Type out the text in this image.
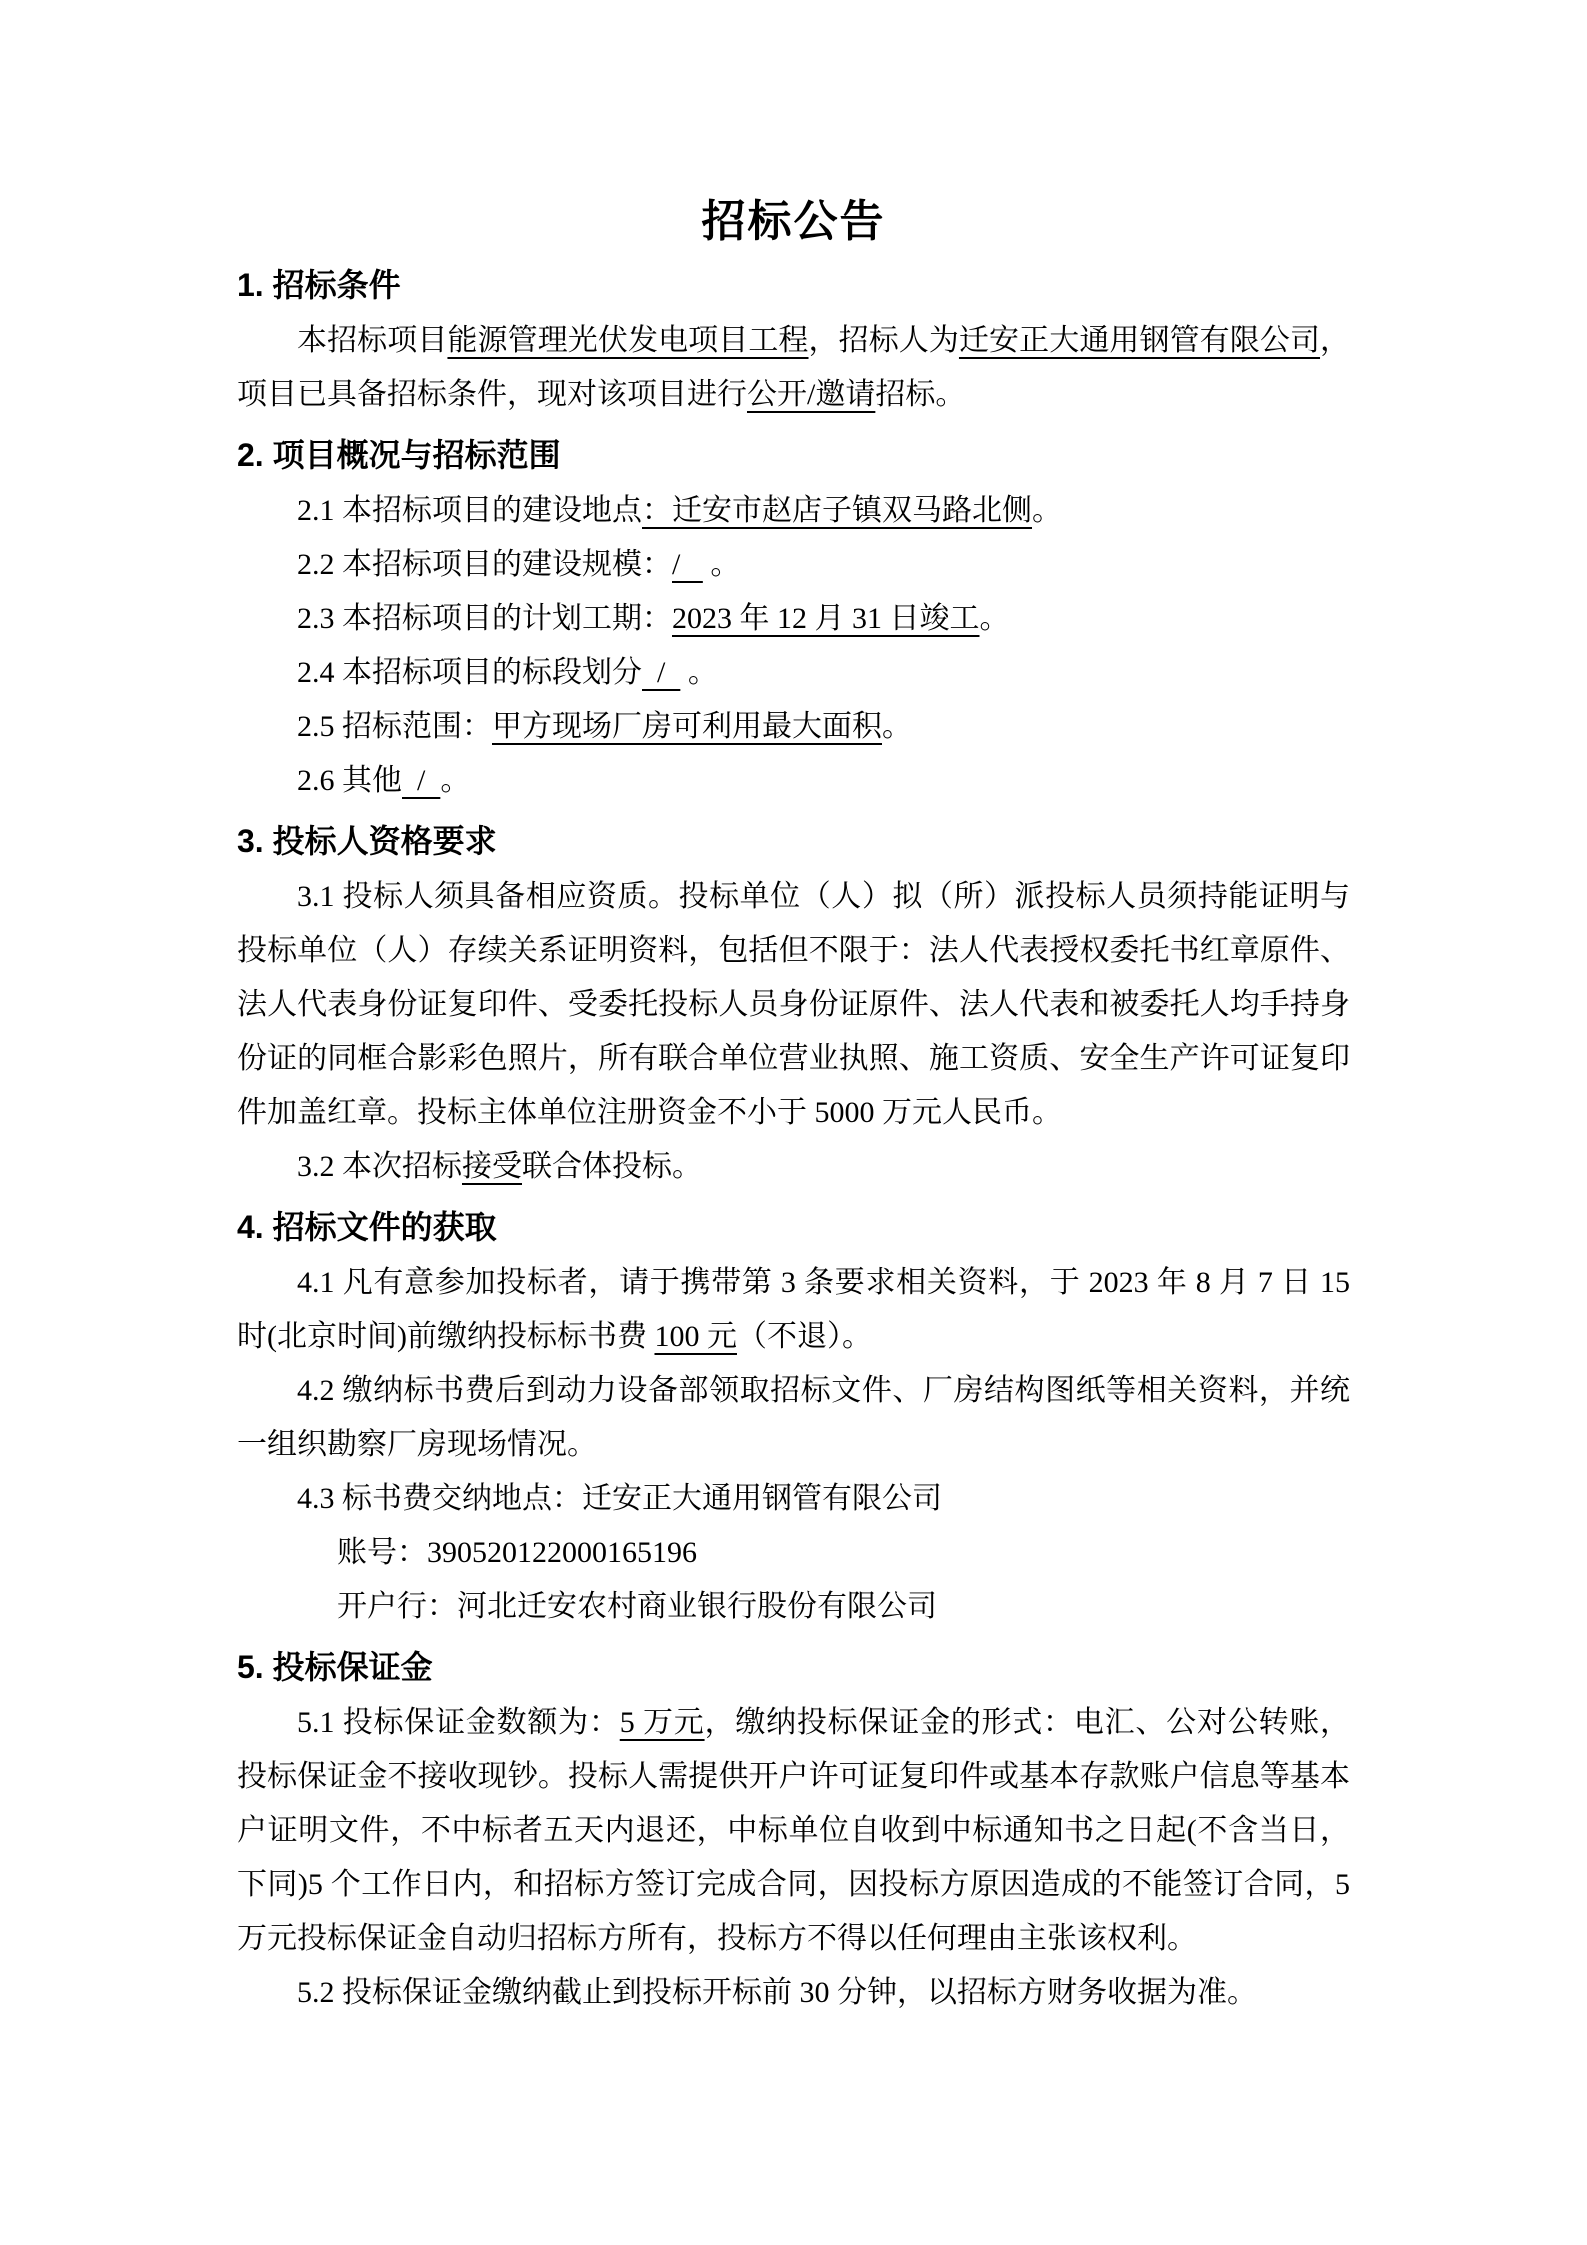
招标公告
1. 招标条件

本招标项目能源管理光伏发电项目工程，招标人为迁安正大通用钢管有限公司，项目已具备招标条件，现对该项目进行公开/邀请招标。

2. 项目概况与招标范围

2.1 本招标项目的建设地点：迁安市赵店子镇双马路北侧。

2.2 本招标项目的建设规模：/    。

2.3 本招标项目的计划工期：2023 年 12 月 31 日竣工。

2.4 本招标项目的标段划分  /   。

2.5 招标范围：甲方现场厂房可利用最大面积。

2.6 其他  /  。

3. 投标人资格要求

3.1 投标人须具备相应资质。投标单位（人）拟（所）派投标人员须持能证明与投标单位（人）存续关系证明资料，包括但不限于：法人代表授权委托书红章原件、法人代表身份证复印件、受委托投标人员身份证原件、法人代表和被委托人均手持身份证的同框合影彩色照片，所有联合单位营业执照、施工资质、安全生产许可证复印件加盖红章。投标主体单位注册资金不小于 5000 万元人民币。

3.2 本次招标接受联合体投标。

4. 招标文件的获取

4.1 凡有意参加投标者，请于携带第 3 条要求相关资料，于 2023 年 8 月 7 日 15 时(北京时间)前缴纳投标标书费 100 元（不退）。

4.2 缴纳标书费后到动力设备部领取招标文件、厂房结构图纸等相关资料，并统一组织勘察厂房现场情况。

4.3 标书费交纳地点：迁安正大通用钢管有限公司

账号：390520122000165196

开户行：河北迁安农村商业银行股份有限公司

5. 投标保证金

5.1 投标保证金数额为：5 万元，缴纳投标保证金的形式：电汇、公对公转账，投标保证金不接收现钞。投标人需提供开户许可证复印件或基本存款账户信息等基本户证明文件，不中标者五天内退还，中标单位自收到中标通知书之日起(不含当日，下同)5 个工作日内，和招标方签订完成合同，因投标方原因造成的不能签订合同，5 万元投标保证金自动归招标方所有，投标方不得以任何理由主张该权利。

5.2 投标保证金缴纳截止到投标开标前 30 分钟，以招标方财务收据为准。
